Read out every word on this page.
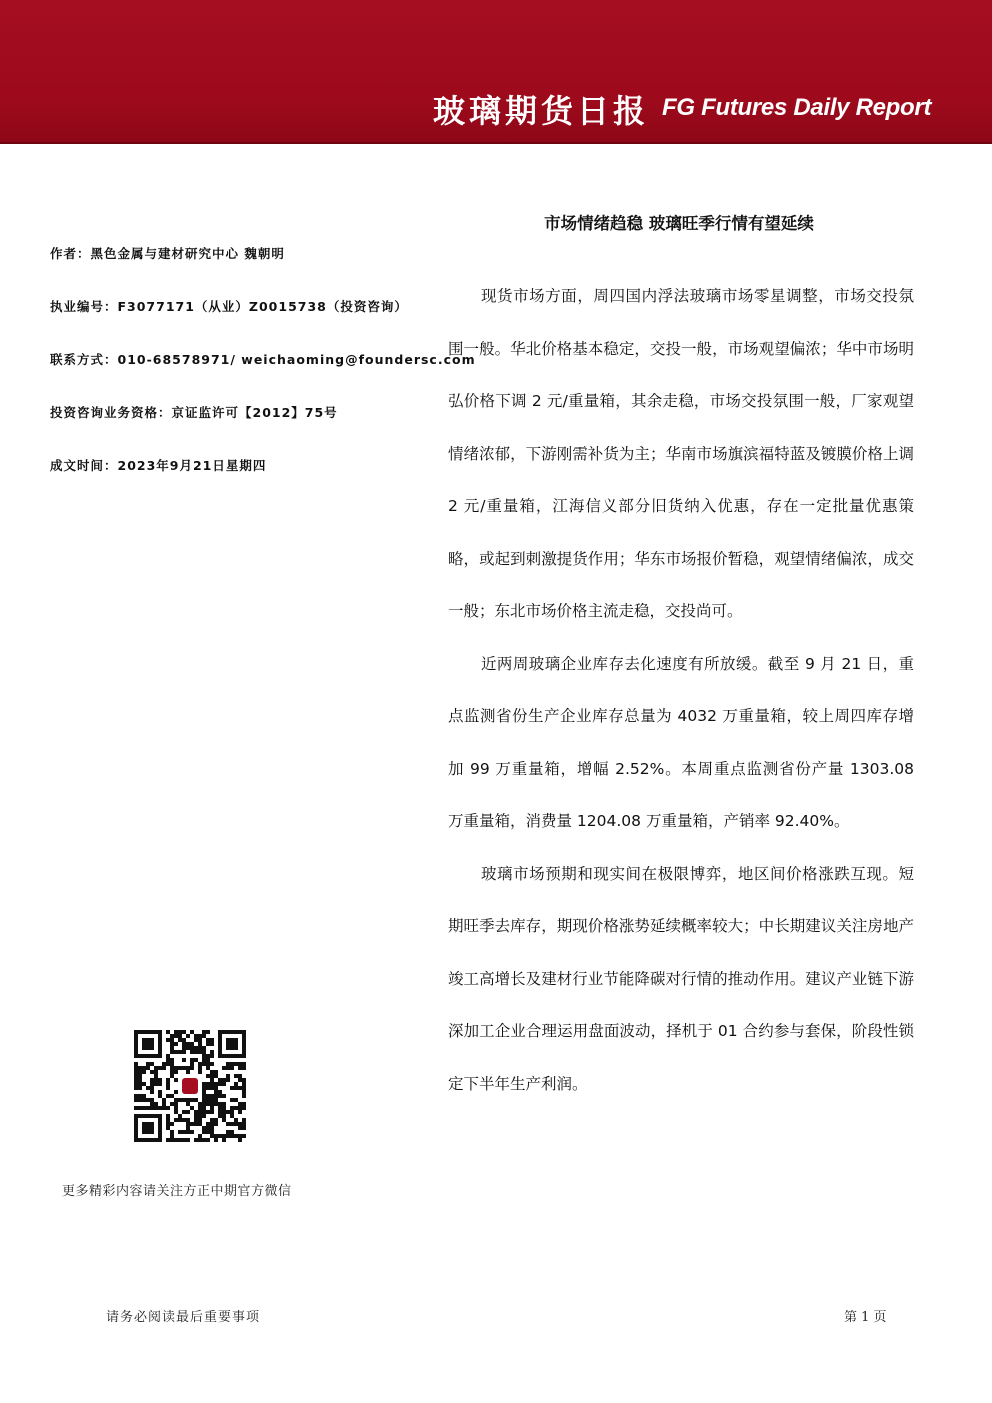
玻璃期货日报 FG Futures Daily Report
作者：黑色金属与建材研究中心 魏朝明
执业编号：F3077171（从业）Z0015738（投资咨询）
联系方式：010-68578971/ weichaoming@foundersc.com
投资咨询业务资格：京证监许可【2012】75号
成文时间：2023年9月21日星期四
市场情绪趋稳 玻璃旺季行情有望延续

现货市场方面，周四国内浮法玻璃市场零星调整，市场交投氛围一般。华北价格基本稳定，交投一般，市场观望偏浓；华中市场明弘价格下调 2 元/重量箱，其余走稳，市场交投氛围一般，厂家观望情绪浓郁，下游刚需补货为主；华南市场旗滨福特蓝及镀膜价格上调 2 元/重量箱，江海信义部分旧货纳入优惠，存在一定批量优惠策略，或起到刺激提货作用；华东市场报价暂稳，观望情绪偏浓，成交一般；东北市场价格主流走稳，交投尚可。

近两周玻璃企业库存去化速度有所放缓。截至 9 月 21 日，重点监测省份生产企业库存总量为 4032 万重量箱，较上周四库存增加 99 万重量箱，增幅 2.52%。本周重点监测省份产量 1303.08 万重量箱，消费量 1204.08 万重量箱，产销率 92.40%。

玻璃市场预期和现实间在极限博弈，地区间价格涨跌互现。短期旺季去库存，期现价格涨势延续概率较大；中长期建议关注房地产竣工高增长及建材行业节能降碳对行情的推动作用。建议产业链下游深加工企业合理运用盘面波动，择机于 01 合约参与套保，阶段性锁定下半年生产利润。

更多精彩内容请关注方正中期官方微信
请务必阅读最后重要事项	第 1 页
